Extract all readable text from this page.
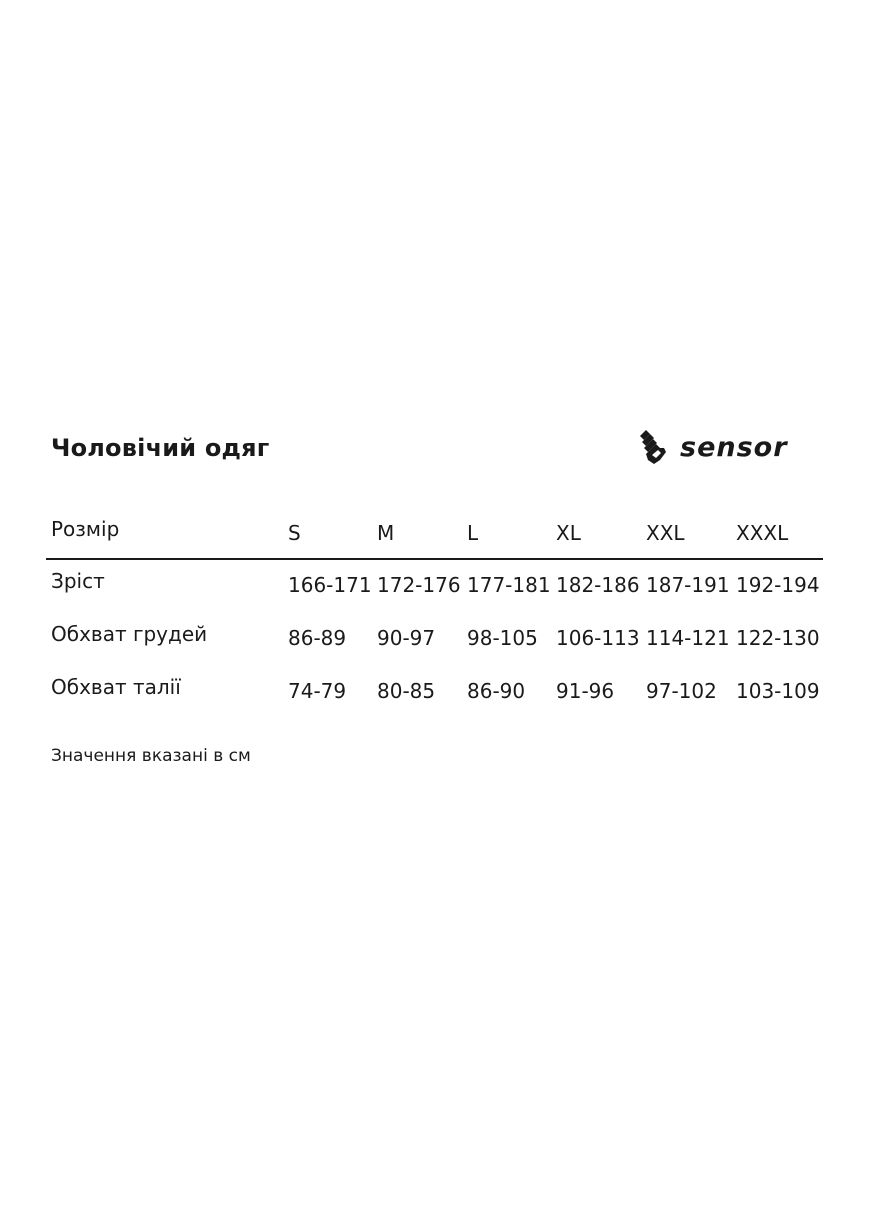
Чоловічий одяг	sensor
Розмір	S	M	L	XL	XXL	XXXL
Зріст	166-171 172-176 177-181 182-186 187-191 192-194
Обхват грудей	86-89 90-97 98-105 106-113 114-121 122-130
Обхват талії	74-79 80-85 86-90 91-96 97-102 103-109
Значення вказані в см
